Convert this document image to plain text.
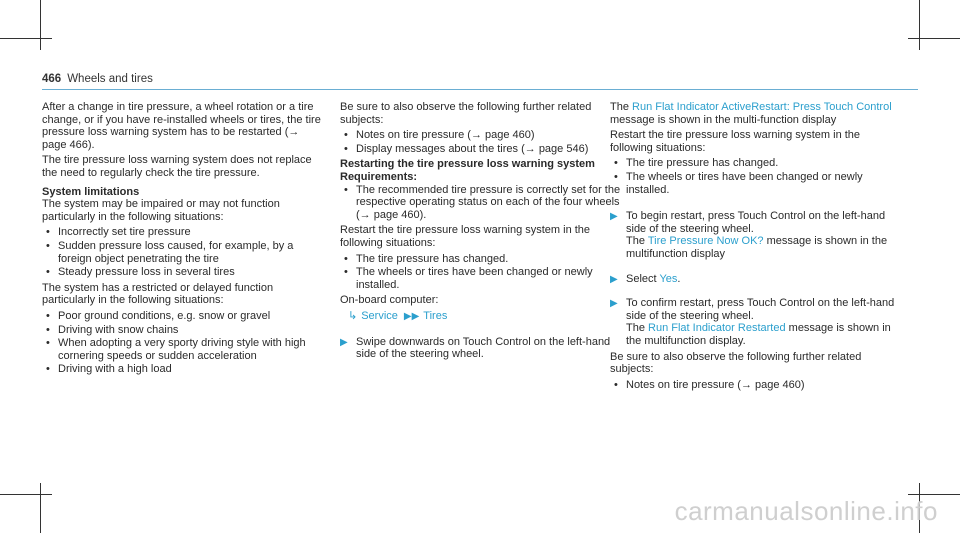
466 Wheels and tires

After a change in tire pressure, a wheel rotation or a tire change, or if you have re-installed wheels or tires, the tire pressure loss warning system has to be restarted (→ page 466).

The tire pressure loss warning system does not replace the need to regularly check the tire pressure.

System limitations

The system may be impaired or may not function particularly in the following situations:

• Incorrectly set tire pressure
• Sudden pressure loss caused, for example, by a foreign object penetrating the tire
• Steady pressure loss in several tires

The system has a restricted or delayed function particularly in the following situations:

• Poor ground conditions, e.g. snow or gravel
• Driving with snow chains
• When adopting a very sporty driving style with high cornering speeds or sudden acceleration
• Driving with a high load

Be sure to also observe the following further related subjects:

• Notes on tire pressure (→ page 460)
• Display messages about the tires (→ page 546)
Restarting the tire pressure loss warning system
Requirements:
• The recommended tire pressure is correctly set for the respective operating status on each of the four wheels (→ page 460).

Restart the tire pressure loss warning system in the following situations:

• The tire pressure has changed.
• The wheels or tires have been changed or newly installed.

On-board computer:

↳ Service ▶▶ Tires
▶ Swipe downwards on Touch Control on the left-hand side of the steering wheel.

The Run Flat Indicator ActiveRestart: Press Touch Control message is shown in the multi-function display

Restart the tire pressure loss warning system in the following situations:

• The tire pressure has changed.
• The wheels or tires have been changed or newly installed.
▶ To begin restart, press Touch Control on the left-hand side of the steering wheel.

The Tire Pressure Now OK? message is shown in the multifunction display

▶ Select Yes.

▶ To confirm restart, press Touch Control on the left-hand side of the steering wheel.

The Run Flat Indicator Restarted message is shown in the multifunction display.

Be sure to also observe the following further related subjects:

• Notes on tire pressure (→ page 460)
carmanualsonline.info
